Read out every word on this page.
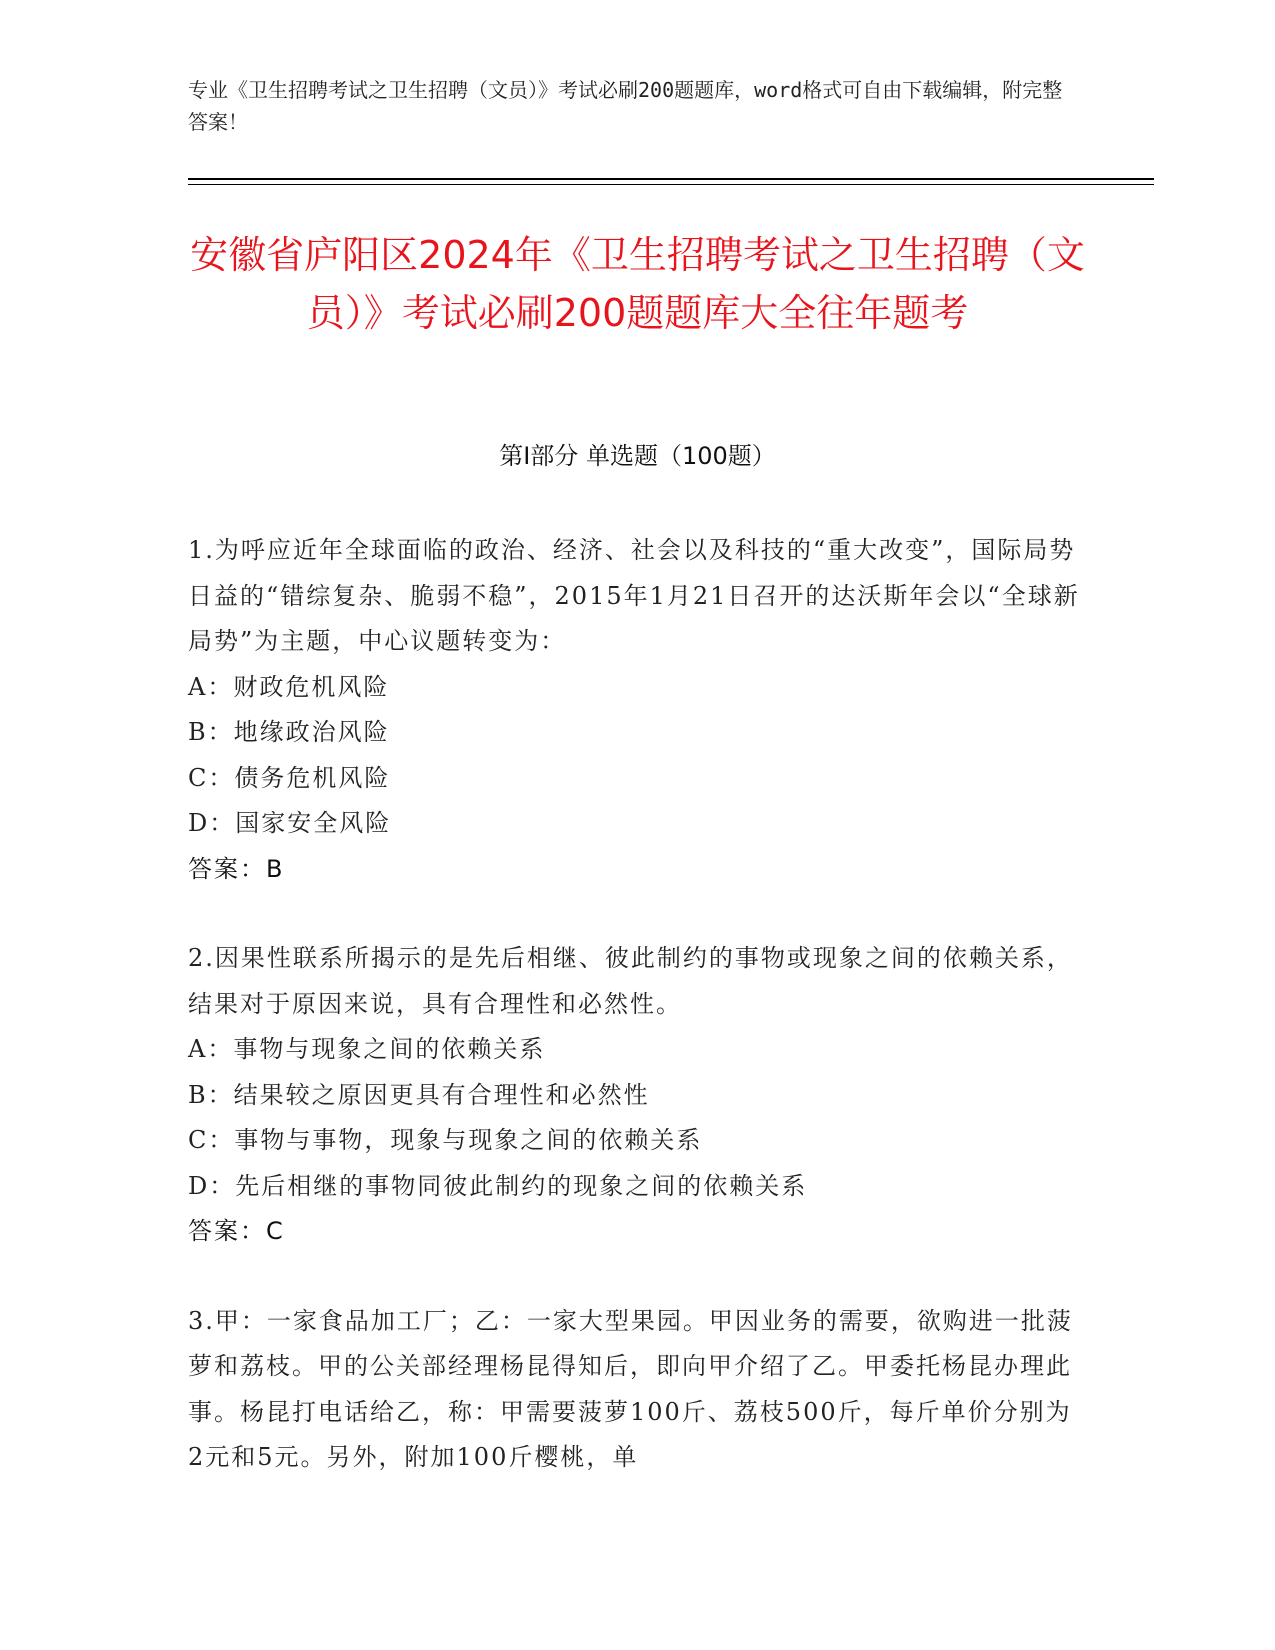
专业《卫生招聘考试之卫生招聘（文员）》考试必刷200题题库，word格式可自由下载编辑，附完整答案！
安徽省庐阳区2024年《卫生招聘考试之卫生招聘（文员）》考试必刷200题题库大全往年题考
第Ⅰ部分 单选题（100题）
1.为呼应近年全球面临的政治、经济、社会以及科技的“重大改变”，国际局势日益的“错综复杂、脆弱不稳”，2015年1月21日召开的达沃斯年会以“全球新局势”为主题，中心议题转变为：
A：财政危机风险
B：地缘政治风险
C：债务危机风险
D：国家安全风险
答案：B
2.因果性联系所揭示的是先后相继、彼此制约的事物或现象之间的依赖关系，结果对于原因来说，具有合理性和必然性。
A：事物与现象之间的依赖关系
B：结果较之原因更具有合理性和必然性
C：事物与事物，现象与现象之间的依赖关系
D：先后相继的事物同彼此制约的现象之间的依赖关系
答案：C
3.甲：一家食品加工厂；乙：一家大型果园。甲因业务的需要，欲购进一批菠萝和荔枝。甲的公关部经理杨昆得知后，即向甲介绍了乙。甲委托杨昆办理此事。杨昆打电话给乙，称：甲需要菠萝100斤、荔枝500斤，每斤单价分别为2元和5元。另外，附加100斤樱桃，单
